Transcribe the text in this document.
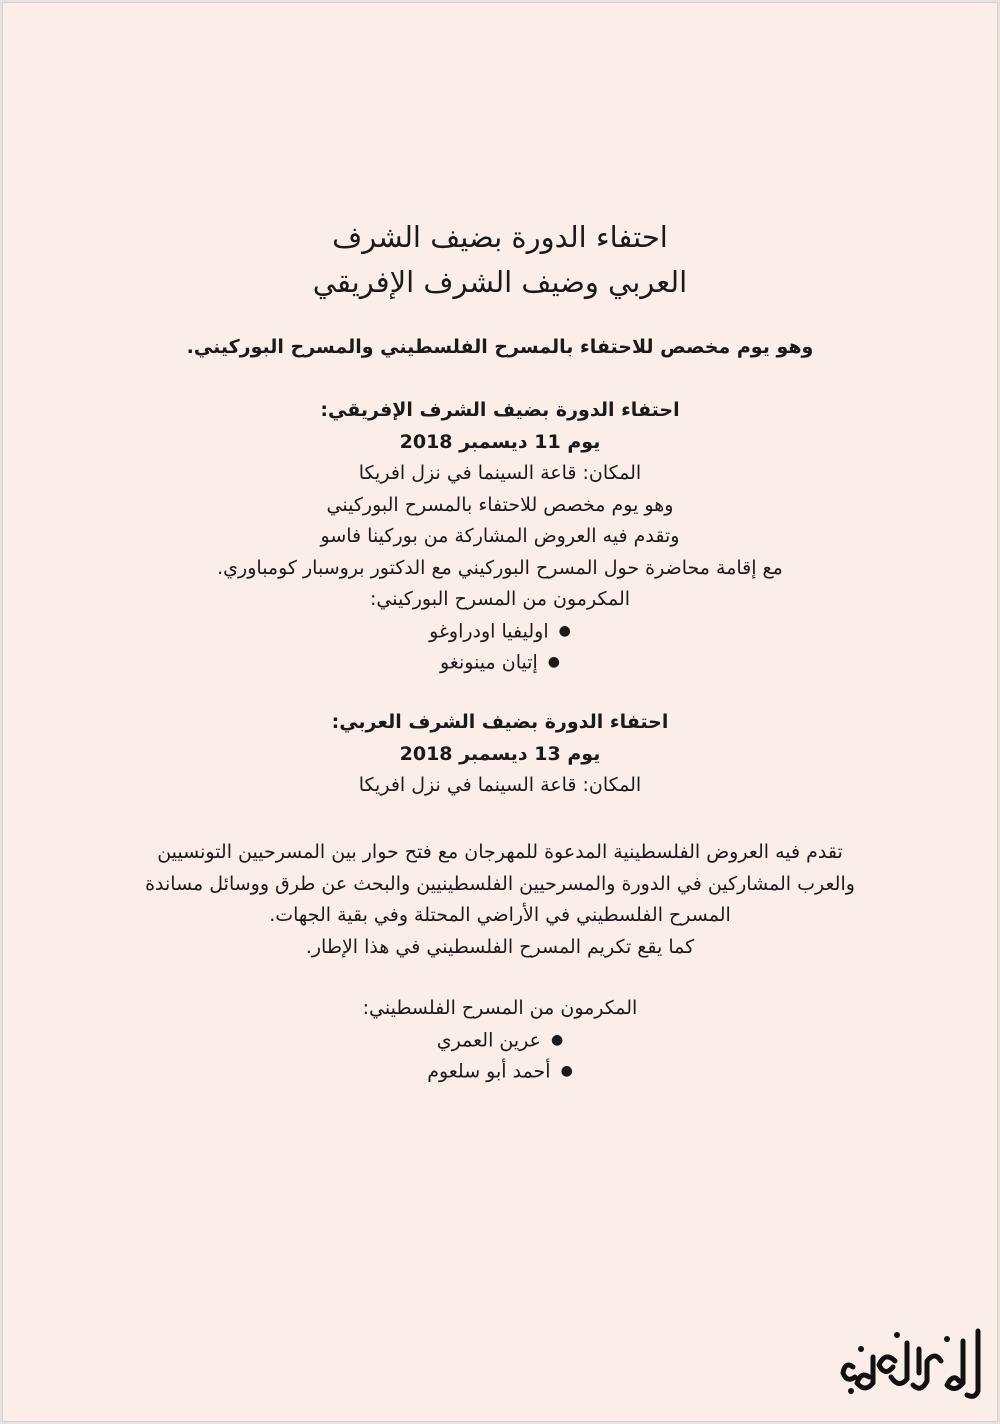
احتفاء الدورة بضيف الشرف
العربي وضيف الشرف الإفريقي
وهو يوم مخصص للاحتفاء بالمسرح الفلسطيني والمسرح البوركيني.
احتفاء الدورة بضيف الشرف الإفريقي:
يوم 11 ديسمبر 2018
المكان: قاعة السينما في نزل افريكا
وهو يوم مخصص للاحتفاء بالمسرح البوركيني
وتقدم فيه العروض المشاركة من بوركينا فاسو
مع إقامة محاضرة حول المسرح البوركيني مع الدكتور بروسبار كومباوري.
المكرمون من المسرح البوركيني:
●اوليفيا اودراوغو
●إتيان مينونغو
احتفاء الدورة بضيف الشرف العربي:
يوم 13 ديسمبر 2018
المكان: قاعة السينما في نزل افريكا
تقدم فيه العروض الفلسطينية المدعوة للمهرجان مع فتح حوار بين المسرحيين التونسيين
والعرب المشاركين في الدورة والمسرحيين الفلسطينيين والبحث عن طرق ووسائل مساندة
المسرح الفلسطيني في الأراضي المحتلة وفي بقية الجهات.
كما يقع تكريم المسرح الفلسطيني في هذا الإطار.
المكرمون من المسرح الفلسطيني:
●عرين العمري
●أحمد أبو سلعوم
